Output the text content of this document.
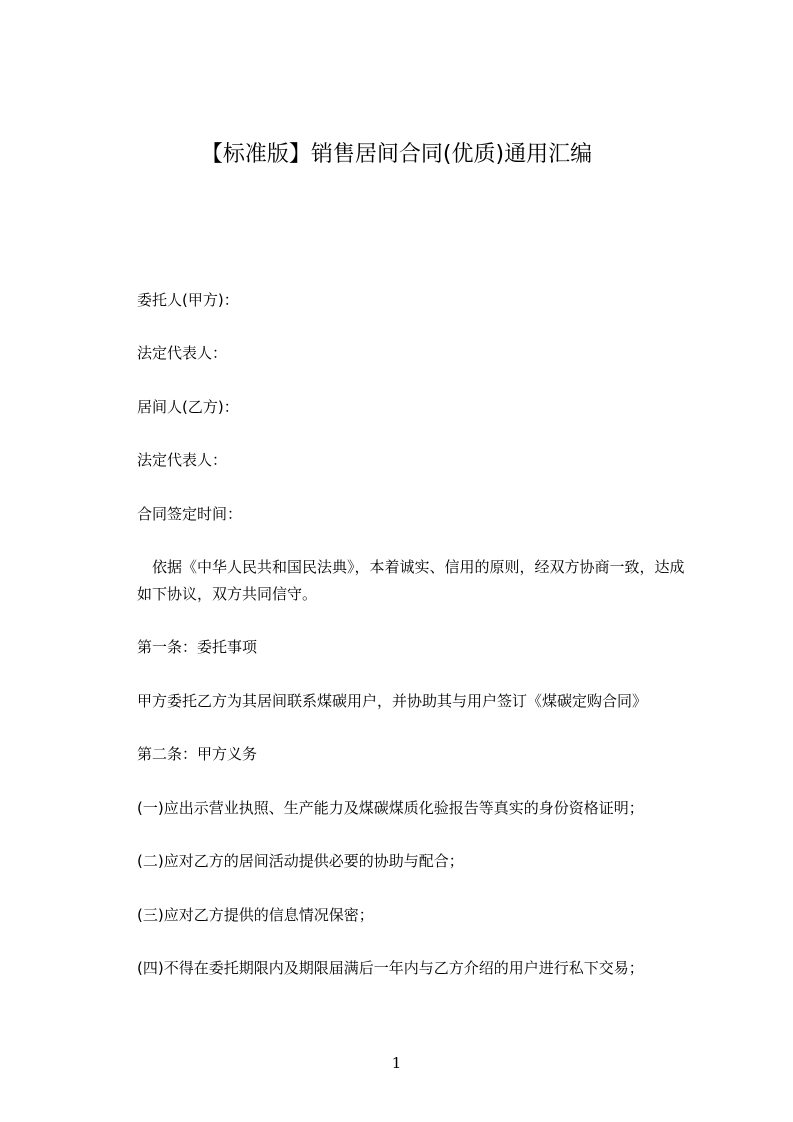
【标准版】销售居间合同(优质)通用汇编
委托人(甲方)：
法定代表人：
居间人(乙方)：
法定代表人：
合同签定时间：
依据《中华人民共和国民法典》，本着诚实、信用的原则，经双方协商一致，达成如下协议，双方共同信守。
第一条：委托事项
甲方委托乙方为其居间联系煤碳用户，并协助其与用户签订《煤碳定购合同》
第二条：甲方义务
(一)应出示营业执照、生产能力及煤碳煤质化验报告等真实的身份资格证明；
(二)应对乙方的居间活动提供必要的协助与配合；
(三)应对乙方提供的信息情况保密；
(四)不得在委托期限内及期限届满后一年内与乙方介绍的用户进行私下交易；
1
